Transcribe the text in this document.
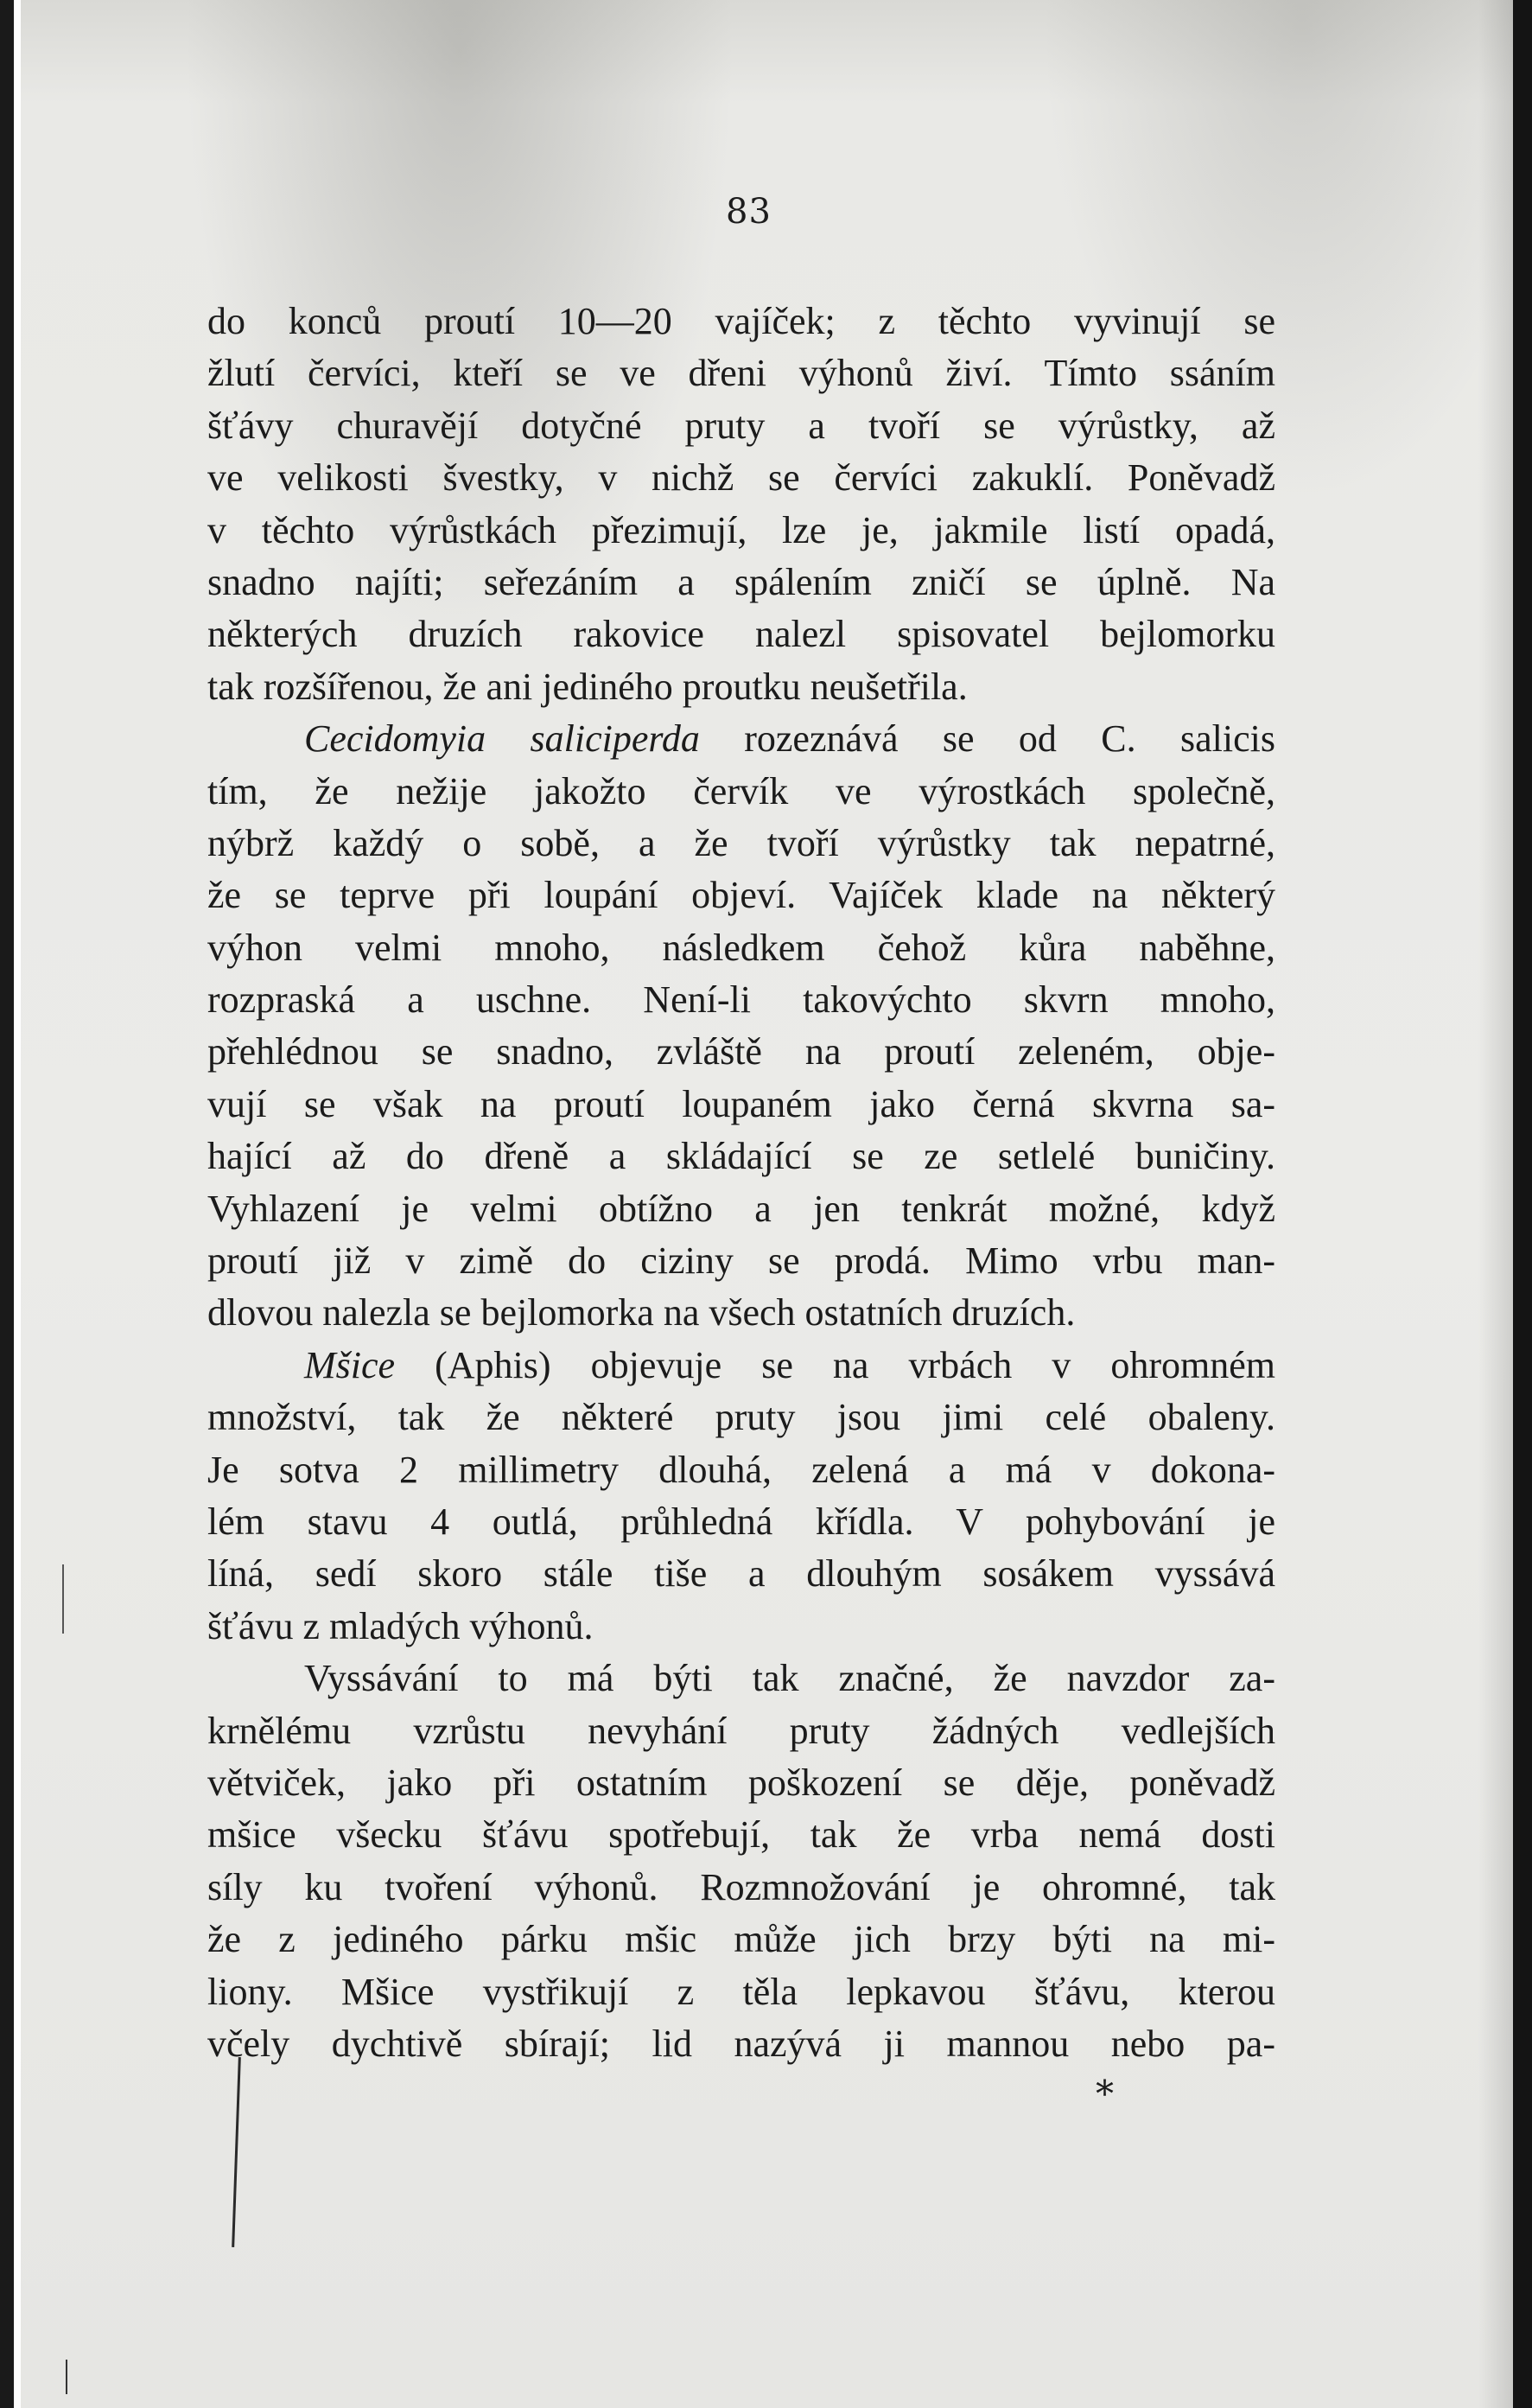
83
do konců proutí 10—20 vajíček; z těchto vyvinují se
žlutí červíci, kteří se ve dřeni výhonů živí. Tímto ssáním
šťávy churavějí dotyčné pruty a tvoří se výrůstky, až
ve velikosti švestky, v nichž se červíci zakuklí. Poněvadž
v těchto výrůstkách přezimují, lze je, jakmile listí opadá,
snadno najíti; seřezáním a spálením zničí se úplně. Na
některých druzích rakovice nalezl spisovatel bejlomorku
tak rozšířenou, že ani jediného proutku neušetřila.
Cecidomyia saliciperda rozeznává se od C. salicis
tím, že nežije jakožto červík ve výrostkách společně,
nýbrž každý o sobě, a že tvoří výrůstky tak nepatrné,
že se teprve při loupání objeví. Vajíček klade na některý
výhon velmi mnoho, následkem čehož kůra naběhne,
rozpraská a uschne. Není-li takovýchto skvrn mnoho,
přehlédnou se snadno, zvláště na proutí zeleném, obje-
vují se však na proutí loupaném jako černá skvrna sa-
hající až do dřeně a skládající se ze setlelé buničiny.
Vyhlazení je velmi obtížno a jen tenkrát možné, když
proutí již v zimě do ciziny se prodá. Mimo vrbu man-
dlovou nalezla se bejlomorka na všech ostatních druzích.
Mšice (Aphis) objevuje se na vrbách v ohromném
množství, tak že některé pruty jsou jimi celé obaleny.
Je sotva 2 millimetry dlouhá, zelená a má v dokona-
lém stavu 4 outlá, průhledná křídla. V pohybování je
líná, sedí skoro stále tiše a dlouhým sosákem vyssává
šťávu z mladých výhonů.
Vyssávání to má býti tak značné, že navzdor za-
krnělému vzrůstu nevyhání pruty žádných vedlejších
větviček, jako při ostatním poškození se děje, poněvadž
mšice všecku šťávu spotřebují, tak že vrba nemá dosti
síly ku tvoření výhonů. Rozmnožování je ohromné, tak
že z jediného párku mšic může jich brzy býti na mi-
liony. Mšice vystřikují z těla lepkavou šťávu, kterou
včely dychtivě sbírají; lid nazývá ji mannou nebo pa-
*
